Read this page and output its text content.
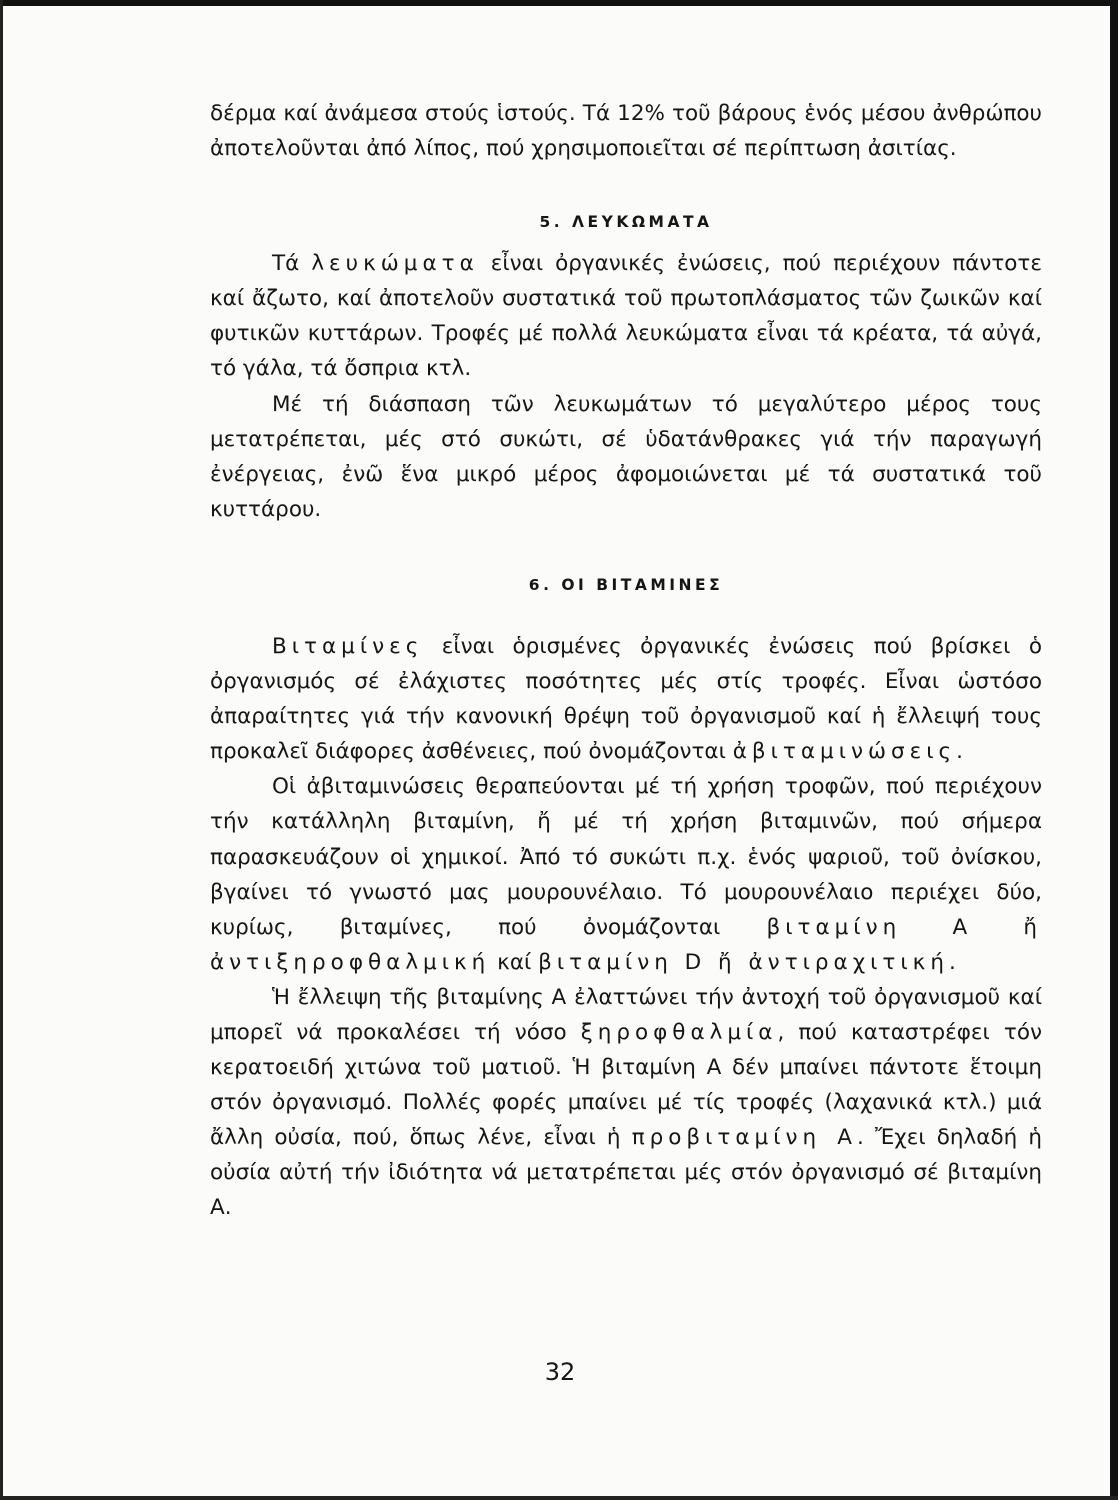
δέρμα καί ἀνάμεσα στούς ἱστούς. Τά 12% τοῦ βάρους ἑνός μέσου ἀνθρώπου ἀποτελοῦνται ἀπό λίπος, πού χρησιμοποιεῖται σέ περίπτωση ἀσιτίας.

5. ΛΕΥΚΩΜΑΤΑ

Τά λευκώματα εἶναι ὀργανικές ἐνώσεις, πού περιέχουν πάντοτε καί ἄζωτο, καί ἀποτελοῦν συστατικά τοῦ πρωτοπλάσματος τῶν ζωικῶν καί φυτικῶν κυττάρων. Τροφές μέ πολλά λευκώματα εἶναι τά κρέατα, τά αὐγά, τό γάλα, τά ὄσπρια κτλ.

Μέ τή διάσπαση τῶν λευκωμάτων τό μεγαλύτερο μέρος τους μετατρέπεται, μές στό συκώτι, σέ ὑδατάνθρακες γιά τήν παραγωγή ἐνέργειας, ἐνῶ ἕνα μικρό μέρος ἀφομοιώνεται μέ τά συστατικά τοῦ κυττάρου.

6. ΟΙ ΒΙΤΑΜΙΝΕΣ

Βιταμίνες εἶναι ὁρισμένες ὀργανικές ἐνώσεις πού βρίσκει ὁ ὀργανισμός σέ ἐλάχιστες ποσότητες μές στίς τροφές. Εἶναι ὡστόσο ἀπαραίτητες γιά τήν κανονική θρέψη τοῦ ὀργανισμοῦ καί ἡ ἔλλειψή τους προκαλεῖ διάφορες ἀσθένειες, πού ὀνομάζονται ἀβιταμινώσεις.

Οἱ ἀβιταμινώσεις θεραπεύονται μέ τή χρήση τροφῶν, πού περιέχουν τήν κατάλληλη βιταμίνη, ἤ μέ τή χρήση βιταμινῶν, πού σήμερα παρασκευάζουν οἱ χημικοί. Ἀπό τό συκώτι π.χ. ἑνός ψαριοῦ, τοῦ ὀνίσκου, βγαίνει τό γνωστό μας μουρουνέλαιο. Τό μουρουνέλαιο περιέχει δύο, κυρίως, βιταμίνες, πού ὀνομάζονται βιταμίνη Α ἤ ἀντιξηροφθαλμική καί βιταμίνη D ἤ ἀντιραχιτική.

Ἡ ἔλλειψη τῆς βιταμίνης Α ἐλαττώνει τήν ἀντοχή τοῦ ὀργανισμοῦ καί μπορεῖ νά προκαλέσει τή νόσο ξηροφθαλμία, πού καταστρέφει τόν κερατοειδή χιτώνα τοῦ ματιοῦ. Ἡ βιταμίνη Α δέν μπαίνει πάντοτε ἕτοιμη στόν ὀργανισμό. Πολλές φορές μπαίνει μέ τίς τροφές (λαχανικά κτλ.) μιά ἄλλη οὐσία, πού, ὅπως λένε, εἶναι ἡ προβιταμίνη Α. Ἔχει δηλαδή ἡ οὐσία αὐτή τήν ἰδιότητα νά μετατρέπεται μές στόν ὀργανισμό σέ βιταμίνη Α.

32
